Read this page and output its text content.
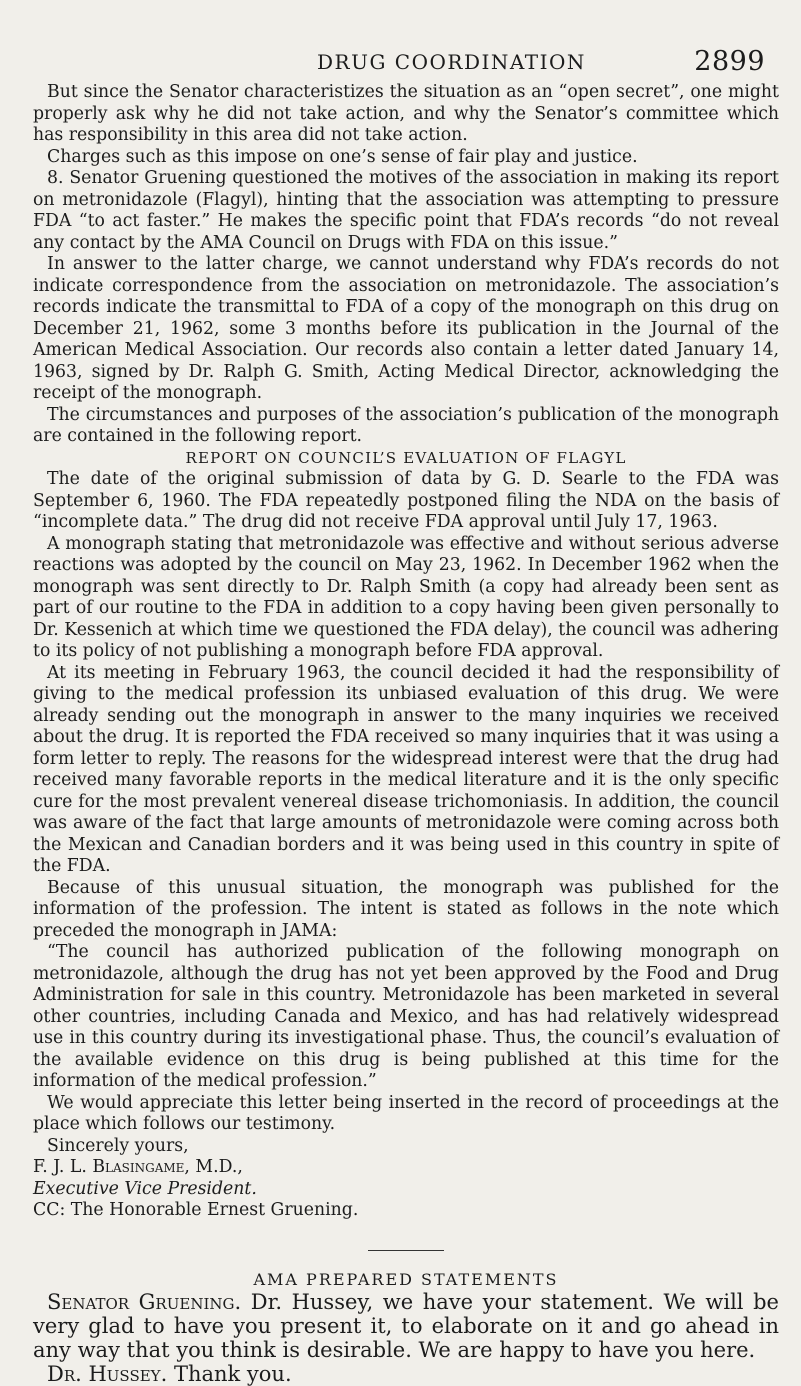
DRUG COORDINATION	2899

But since the Senator characteristizes the situation as an “open secret”, one might properly ask why he did not take action, and why the Senator’s committee which has responsibility in this area did not take action.

Charges such as this impose on one’s sense of fair play and justice.

8. Senator Gruening questioned the motives of the association in making its report on metronidazole (Flagyl), hinting that the association was attempting to pressure FDA “to act faster.” He makes the specific point that FDA’s records “do not reveal any contact by the AMA Council on Drugs with FDA on this issue.”

In answer to the latter charge, we cannot understand why FDA’s records do not indicate correspondence from the association on metronidazole. The association’s records indicate the transmittal to FDA of a copy of the monograph on this drug on December 21, 1962, some 3 months before its publication in the Journal of the American Medical Association. Our records also contain a letter dated January 14, 1963, signed by Dr. Ralph G. Smith, Acting Medical Director, acknowledging the receipt of the monograph.

The circumstances and purposes of the association’s publication of the monograph are contained in the following report.

REPORT ON COUNCIL’S EVALUATION OF FLAGYL

The date of the original submission of data by G. D. Searle to the FDA was September 6, 1960. The FDA repeatedly postponed filing the NDA on the basis of “incomplete data.” The drug did not receive FDA approval until July 17, 1963.

A monograph stating that metronidazole was effective and without serious adverse reactions was adopted by the council on May 23, 1962. In December 1962 when the monograph was sent directly to Dr. Ralph Smith (a copy had already been sent as part of our routine to the FDA in addition to a copy having been given personally to Dr. Kessenich at which time we questioned the FDA delay), the council was adhering to its policy of not publishing a monograph before FDA approval.

At its meeting in February 1963, the council decided it had the responsibility of giving to the medical profession its unbiased evaluation of this drug. We were already sending out the monograph in answer to the many inquiries we received about the drug. It is reported the FDA received so many inquiries that it was using a form letter to reply. The reasons for the widespread interest were that the drug had received many favorable reports in the medical literature and it is the only specific cure for the most prevalent venereal disease trichomoniasis. In addition, the council was aware of the fact that large amounts of metronidazole were coming across both the Mexican and Canadian borders and it was being used in this country in spite of the FDA.

Because of this unusual situation, the monograph was published for the information of the profession. The intent is stated as follows in the note which preceded the monograph in JAMA:

“The council has authorized publication of the following monograph on metronidazole, although the drug has not yet been approved by the Food and Drug Administration for sale in this country. Metronidazole has been marketed in several other countries, including Canada and Mexico, and has had relatively widespread use in this country during its investigational phase. Thus, the council’s evaluation of the available evidence on this drug is being published at this time for the information of the medical profession.”

We would appreciate this letter being inserted in the record of proceedings at the place which follows our testimony.

Sincerely yours,

F. J. L. Blasingame, M.D.,

Executive Vice President.

CC: The Honorable Ernest Gruening.

AMA PREPARED STATEMENTS

Senator Gruening. Dr. Hussey, we have your statement. We will be very glad to have you present it, to elaborate on it and go ahead in any way that you think is desirable. We are happy to have you here.

Dr. Hussey. Thank you.
